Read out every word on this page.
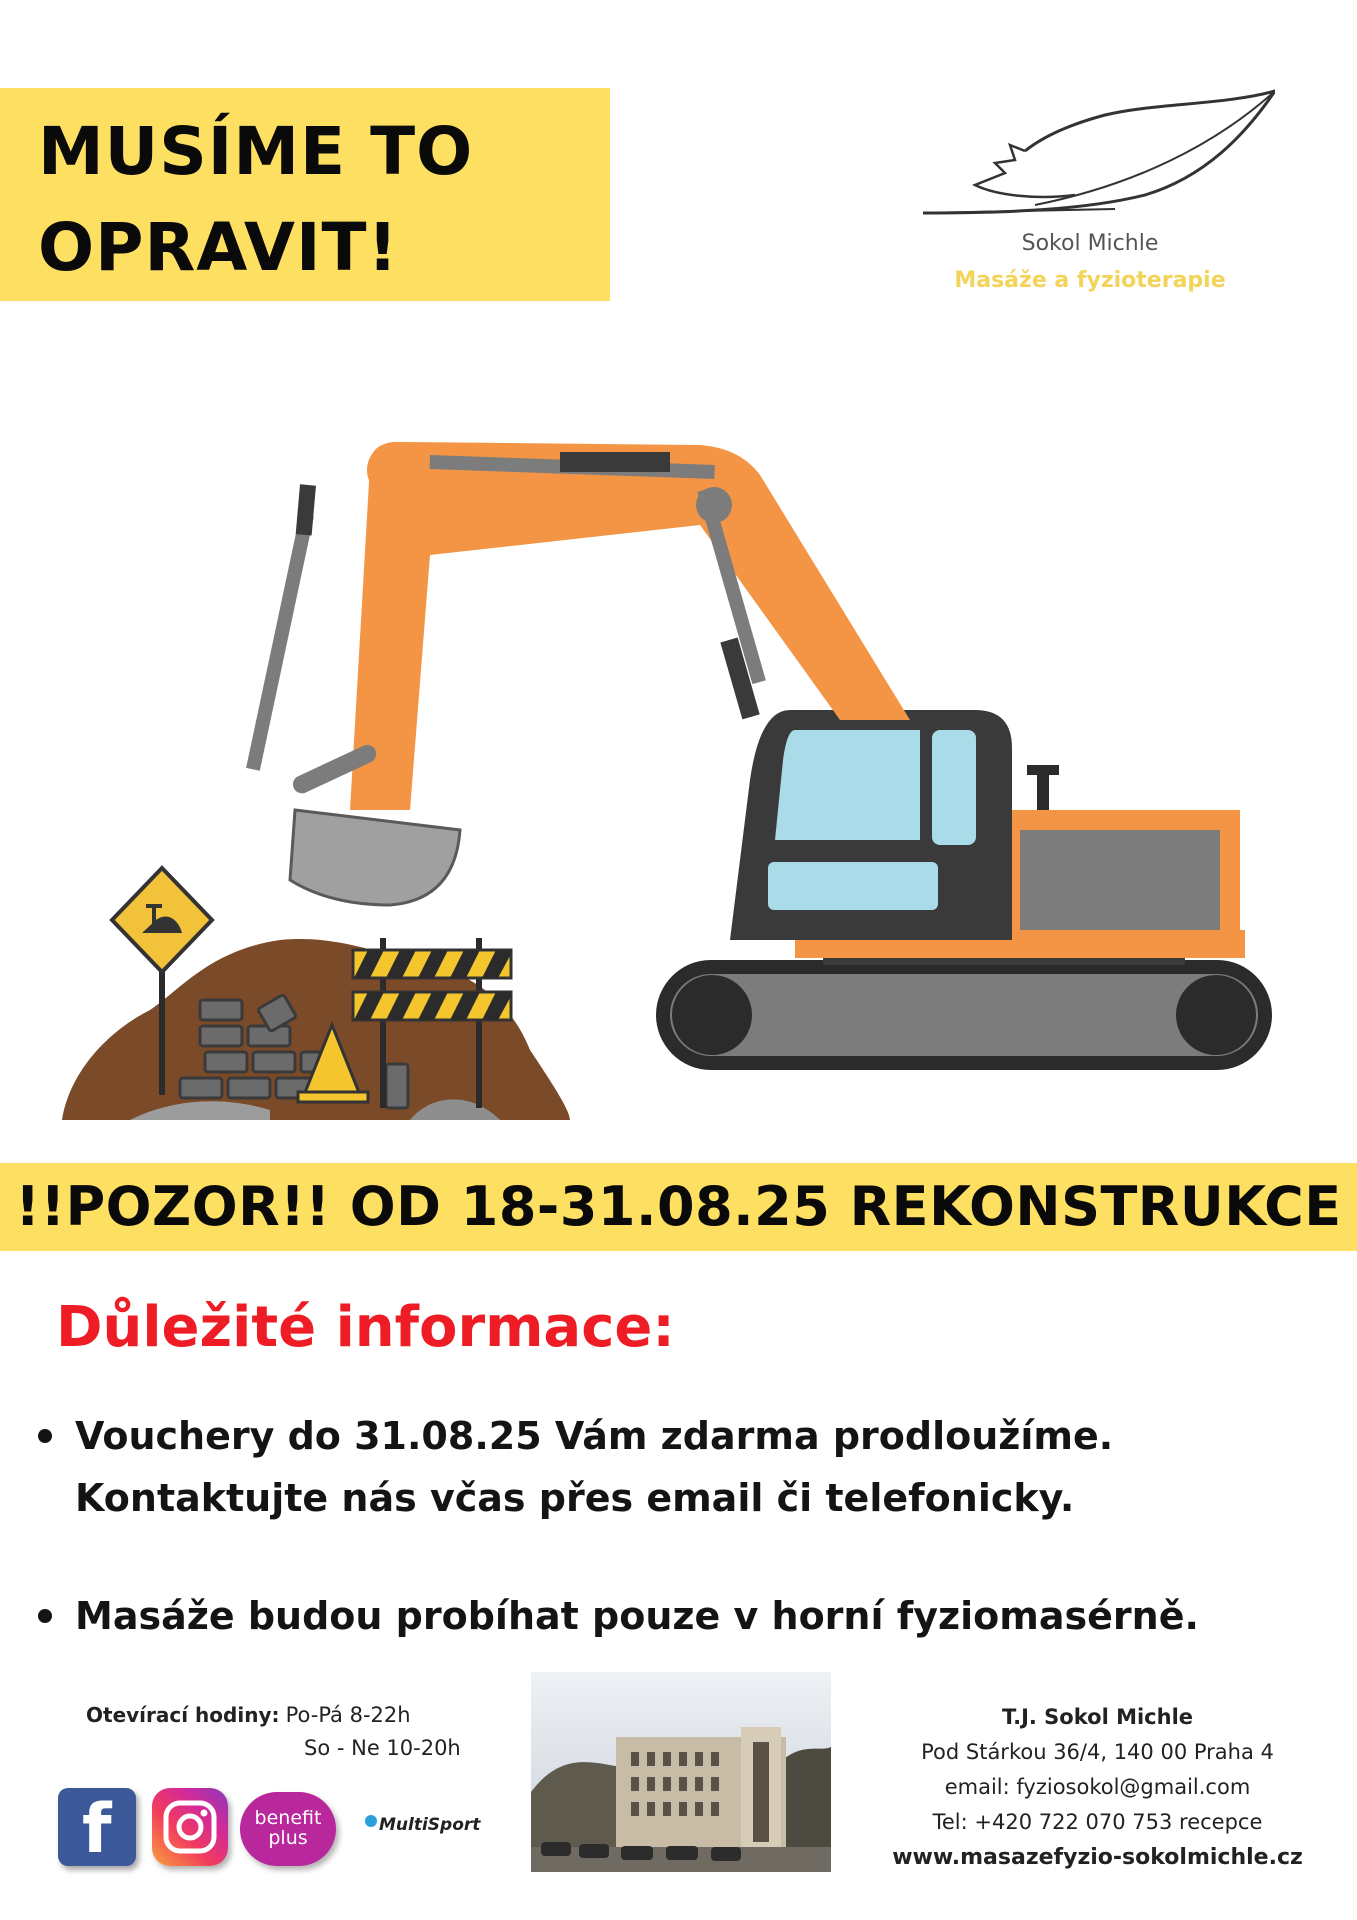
MUSÍME TO
OPRAVIT!	Sokol Michle
Masáže a fyzioterapie
!!POZOR!! OD 18-31.08.25 REKONSTRUKCE
Důležité informace:
Vouchery do 31.08.25 Vám zdarma prodloužíme.
Kontaktujte nás včas přes email či telefonicky.
Masáže budou probíhat pouze v horní fyziomasérně.
Otevírací hodiny: Po-Pá 8-22h
So - Ne 10-20h
f	benefit
plus
MultiSport
T.J. Sokol Michle
Pod Stárkou 36/4, 140 00 Praha 4
email: fyziosokol@gmail.com
Tel: +420 722 070 753 recepce
www.masazefyzio-sokolmichle.cz
